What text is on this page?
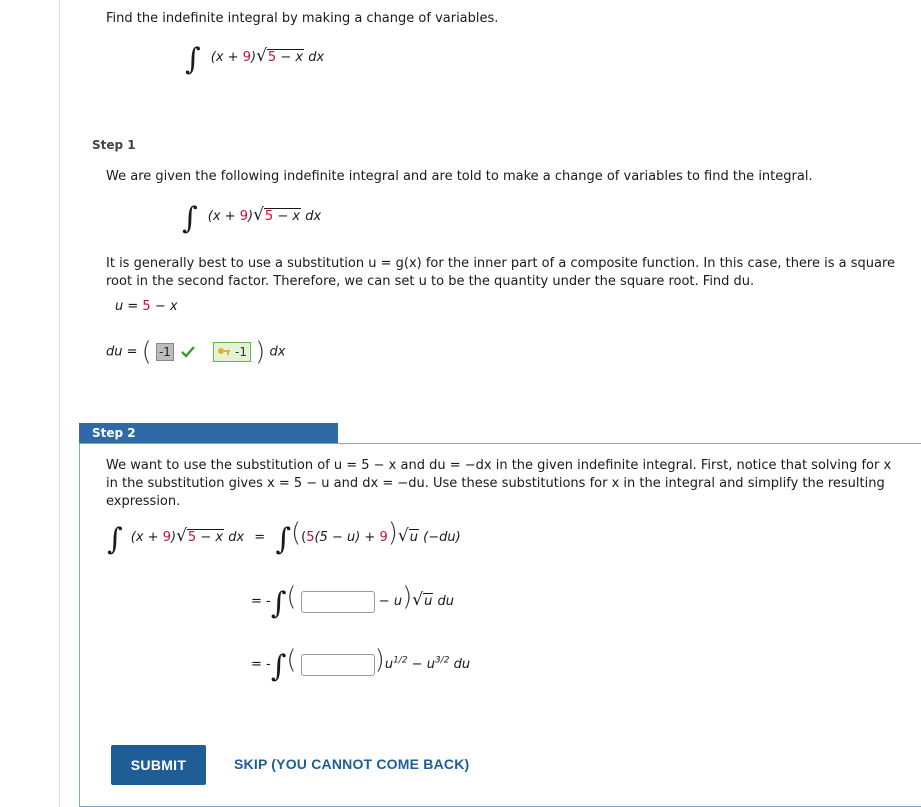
Find the indefinite integral by making a change of variables.
∫ (x + 9)√5 − x dx
Step 1
We are given the following indefinite integral and are told to make a change of variables to find the integral.
∫ (x + 9)√5 − x dx
It is generally best to use a substitution u = g(x) for the inner part of a composite function. In this case, there is a square root in the second factor. Therefore, we can set u to be the quantity under the square root. Find du.
u = 5 − x
du = ( -1	-1 ) dx
Step 2
We want to use the substitution of u = 5 − x and du = −dx in the given indefinite integral. First, notice that solving for x in the substitution gives x = 5 − u and dx = −du. Use these substitutions for x in the integral and simplify the resulting expression.
∫ (x + 9)√5 − x dx = ∫((5(5 − u) + 9)√u (−du)
= -∫(	− u)√u du
= -∫(	)$u^{1/2} - u^{3/2}$ du
SUBMIT	SKIP (YOU CANNOT COME BACK)
